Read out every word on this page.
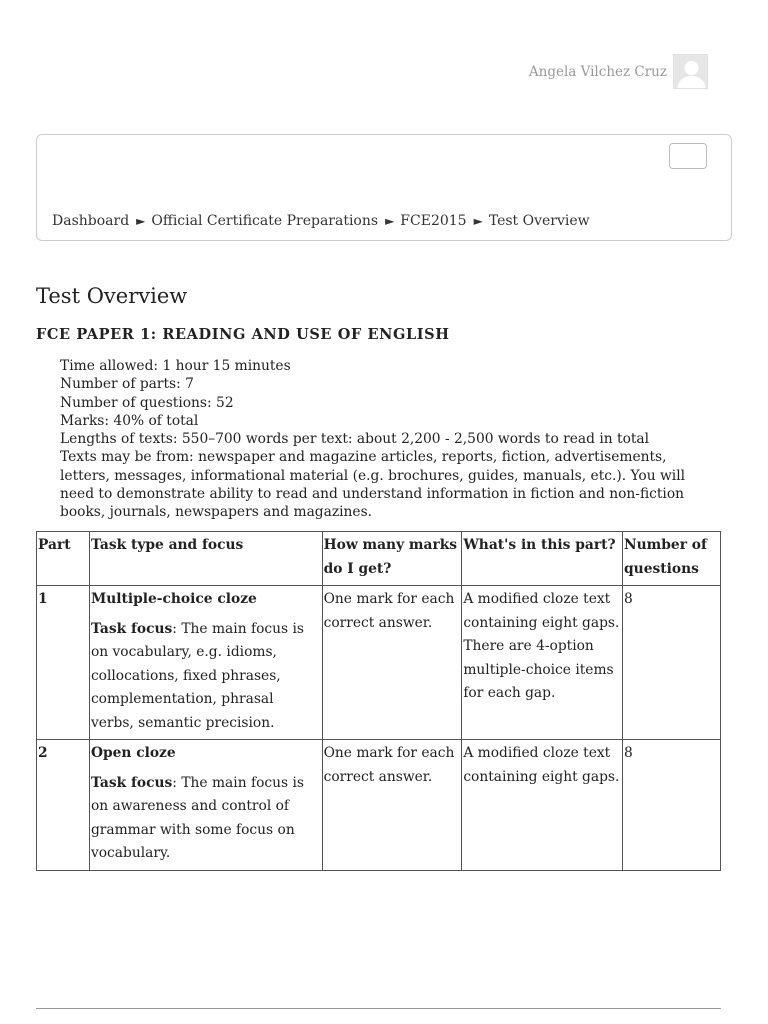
Angela Vilchez Cruz
Dashboard ► Official Certificate Preparations ► FCE2015 ► Test Overview
Test Overview
FCE PAPER 1: READING AND USE OF ENGLISH

Time allowed: 1 hour 15 minutes

Number of parts: 7

Number of questions: 52

Marks: 40% of total

Lengths of texts: 550–700 words per text: about 2,200 - 2,500 words to read in total

Texts may be from: newspaper and magazine articles, reports, fiction, advertisements, letters, messages, informational material (e.g. brochures, guides, manuals, etc.). You will need to demonstrate ability to read and understand information in fiction and non-fiction books, journals, newspapers and magazines.

Part	Task type and focus	How many marks do I get?	What's in this part?	Number of questions
1	Multiple-choice cloze
Task focus: The main focus is on vocabulary, e.g. idioms, collocations, fixed phrases, complementation, phrasal verbs, semantic precision.	One mark for each correct answer.	A modified cloze text containing eight gaps. There are 4-option multiple-choice items for each gap.	8
2	Open cloze
Task focus: The main focus is on awareness and control of grammar with some focus on vocabulary.	One mark for each correct answer.	A modified cloze text containing eight gaps.	8
